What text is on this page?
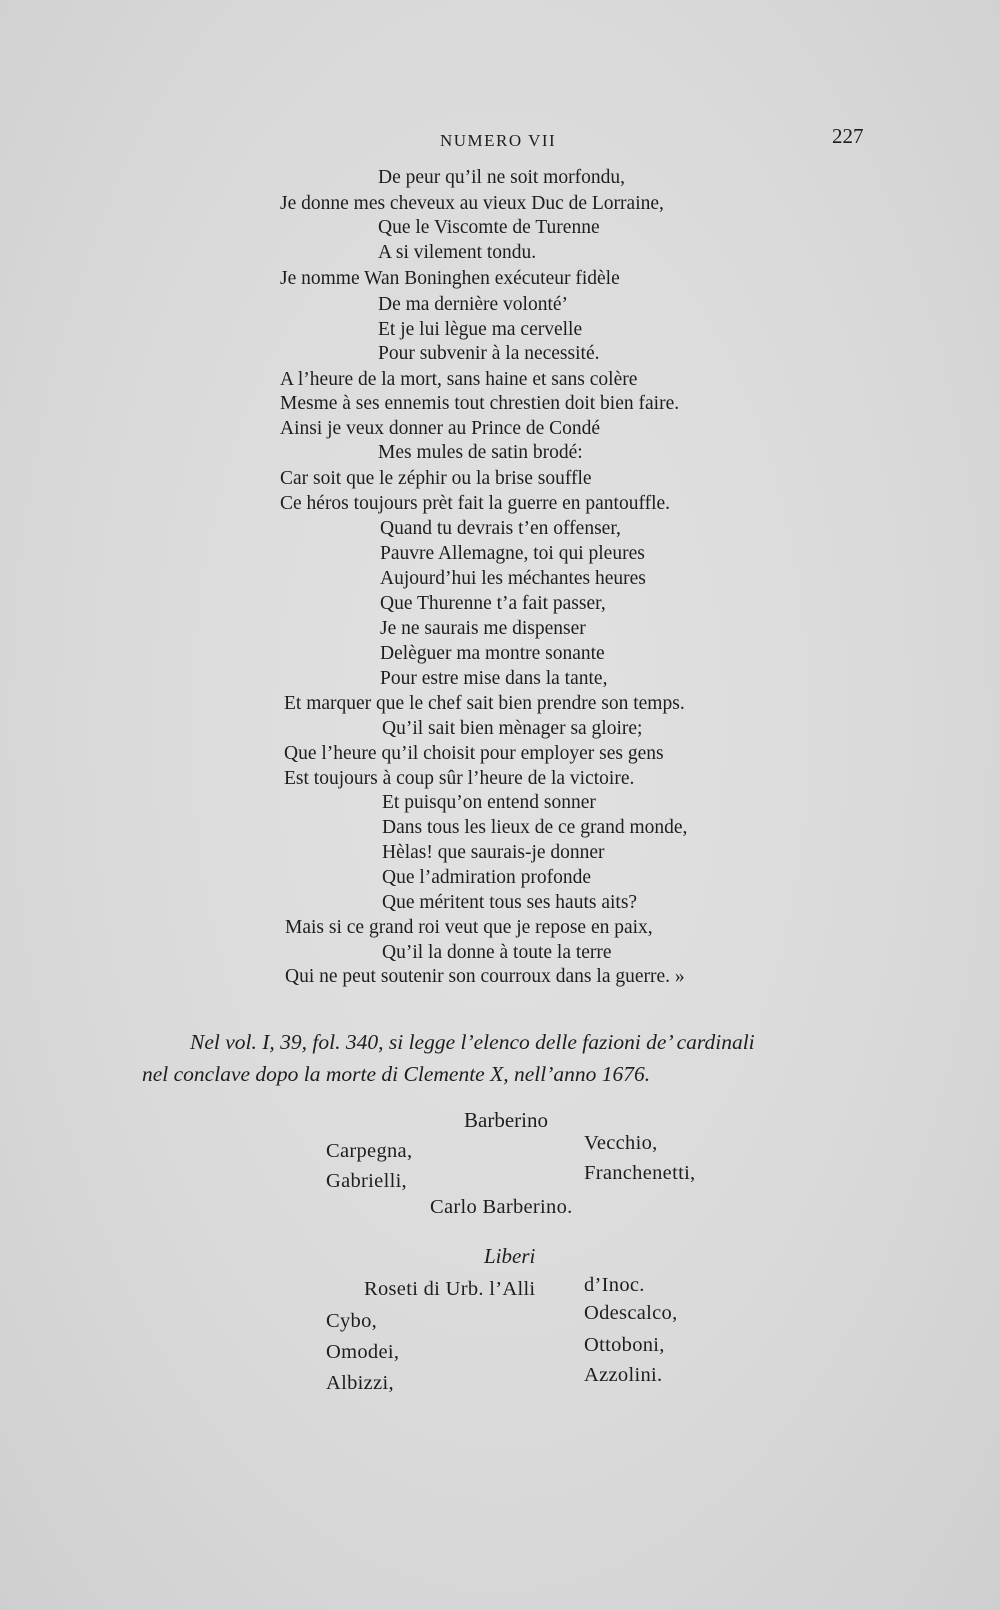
NUMERO VII	227
De peur qu’il ne soit morfondu,
Je donne mes cheveux au vieux Duc de Lorraine,
Que le Viscomte de Turenne
A si vilement tondu.
Je nomme Wan Boninghen exécuteur fidèle
De ma dernière volonté’
Et je lui lègue ma cervelle
Pour subvenir à la necessité.
A l’heure de la mort, sans haine et sans colère
Mesme à ses ennemis tout chrestien doit bien faire.
Ainsi je veux donner au Prince de Condé
Mes mules de satin brodé:
Car soit que le zéphir ou la brise souffle
Ce héros toujours prèt fait la guerre en pantouffle.
Quand tu devrais t’en offenser,
Pauvre Allemagne, toi qui pleures
Aujourd’hui les méchantes heures
Que Thurenne t’a fait passer,
Je ne saurais me dispenser
Delèguer ma montre sonante
Pour estre mise dans la tante,
Et marquer que le chef sait bien prendre son temps.
Qu’il sait bien mènager sa gloire;
Que l’heure qu’il choisit pour employer ses gens
Est toujours à coup sûr l’heure de la victoire.
Et puisqu’on entend sonner
Dans tous les lieux de ce grand monde,
Hèlas! que saurais-je donner
Que l’admiration profonde
Que méritent tous ses hauts aits?
Mais si ce grand roi veut que je repose en paix,
Qu’il la donne à toute la terre
Qui ne peut soutenir son courroux dans la guerre. »
Nel vol. I, 39, fol. 340, si legge l’elenco delle fazioni de’ cardinali
nel conclave dopo la morte di Clemente X, nell’anno 1676.
Barberino
Carpegna,
Gabrielli,
Vecchio,
Franchenetti,
Carlo Barberino.
Liberi
Roseti di Urb. l’Alli d’Inoc.
Cybo,
Omodei,
Albizzi,
Odescalco,
Ottoboni,
Azzolini.
